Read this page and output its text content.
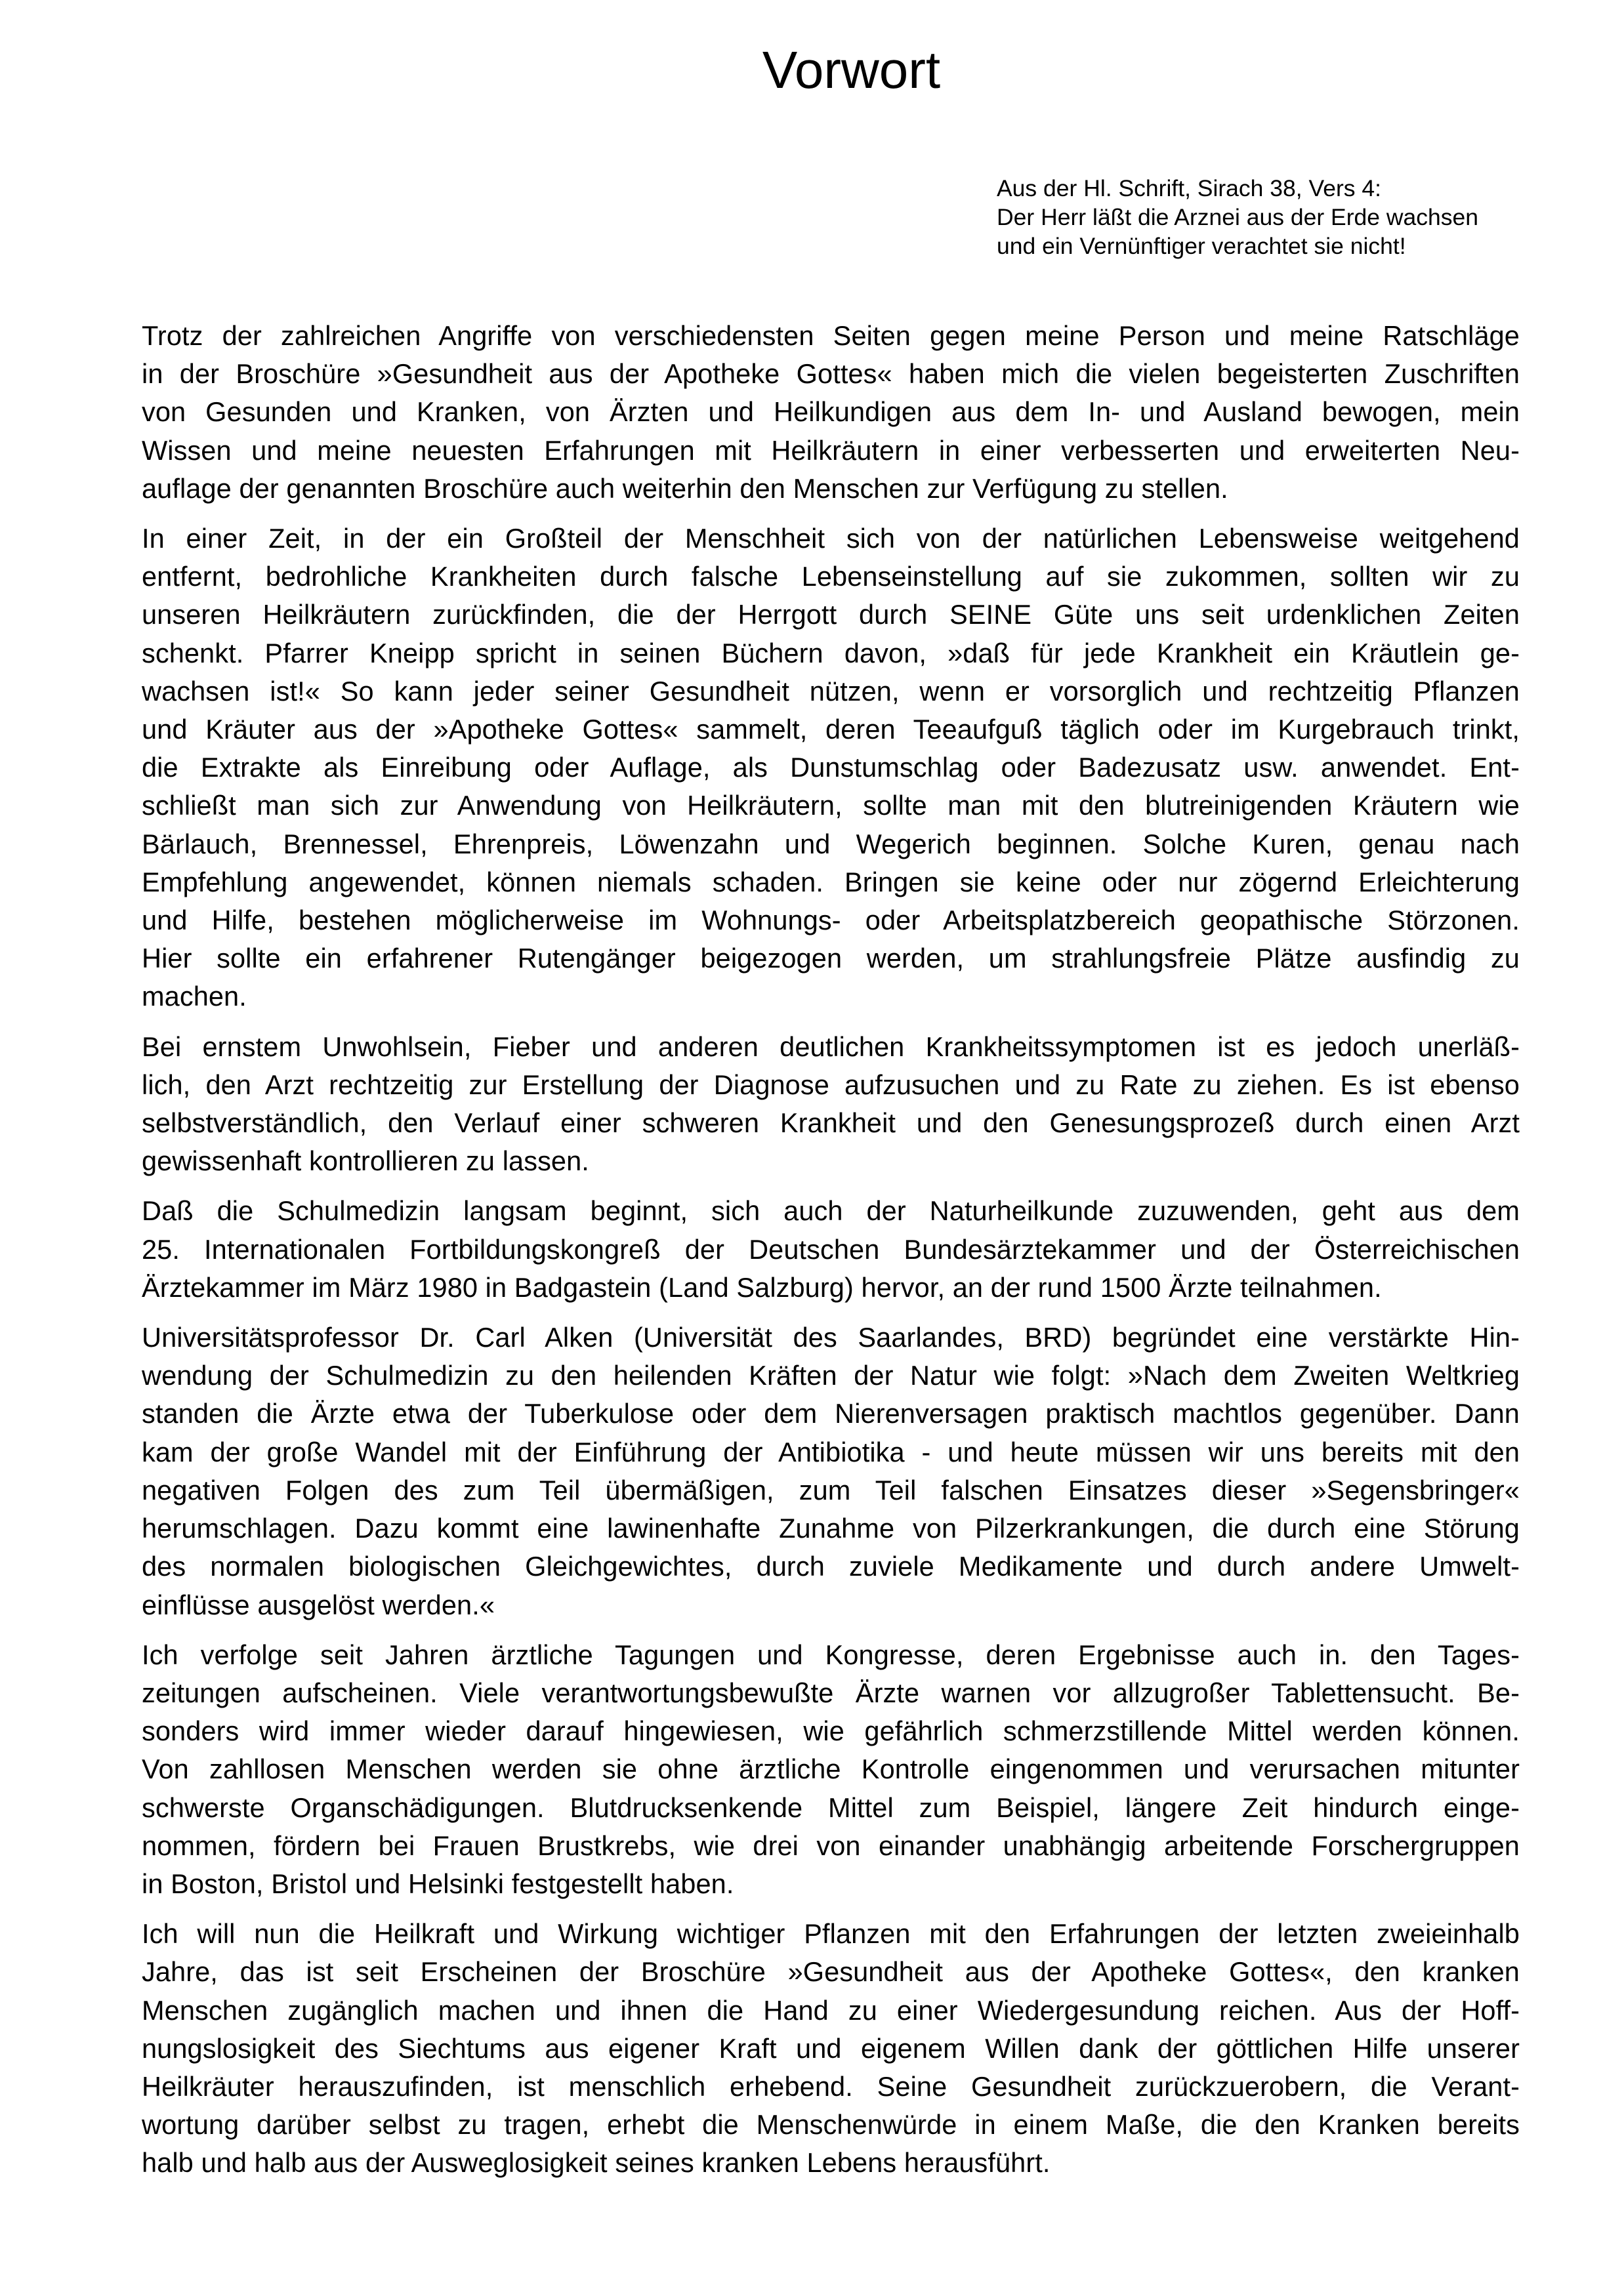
Vorwort
Aus der Hl. Schrift, Sirach 38, Vers 4:
Der Herr läßt die Arznei aus der Erde wachsen
und ein Vernünftiger verachtet sie nicht!

Trotz der zahlreichen Angriffe von verschiedensten Seiten gegen meine Person und meine Ratschläge
in der Broschüre »Gesundheit aus der Apotheke Gottes« haben mich die vielen begeisterten Zuschriften
von Gesunden und Kranken, von Ärzten und Heilkundigen aus dem In- und Ausland bewogen, mein
Wissen und meine neuesten Erfahrungen mit Heilkräutern in einer verbesserten und erweiterten Neu-
auflage der genannten Broschüre auch weiterhin den Menschen zur Verfügung zu stellen.

In einer Zeit, in der ein Großteil der Menschheit sich von der natürlichen Lebensweise weitgehend
entfernt, bedrohliche Krankheiten durch falsche Lebenseinstellung auf sie zukommen, sollten wir zu
unseren Heilkräutern zurückfinden, die der Herrgott durch SEINE Güte uns seit urdenklichen Zeiten
schenkt. Pfarrer Kneipp spricht in seinen Büchern davon, »daß für jede Krankheit ein Kräutlein ge-
wachsen ist!« So kann jeder seiner Gesundheit nützen, wenn er vorsorglich und rechtzeitig Pflanzen
und Kräuter aus der »Apotheke Gottes« sammelt, deren Teeaufguß täglich oder im Kurgebrauch trinkt,
die Extrakte als Einreibung oder Auflage, als Dunstumschlag oder Badezusatz usw. anwendet. Ent-
schließt man sich zur Anwendung von Heilkräutern, sollte man mit den blutreinigenden Kräutern wie
Bärlauch, Brennessel, Ehrenpreis, Löwenzahn und Wegerich beginnen. Solche Kuren, genau nach
Empfehlung angewendet, können niemals schaden. Bringen sie keine oder nur zögernd Erleichterung
und Hilfe, bestehen möglicherweise im Wohnungs- oder Arbeitsplatzbereich geopathische Störzonen.
Hier sollte ein erfahrener Rutengänger beigezogen werden, um strahlungsfreie Plätze ausfindig zu
machen.

Bei ernstem Unwohlsein, Fieber und anderen deutlichen Krankheitssymptomen ist es jedoch unerläß-
lich, den Arzt rechtzeitig zur Erstellung der Diagnose aufzusuchen und zu Rate zu ziehen. Es ist ebenso
selbstverständlich, den Verlauf einer schweren Krankheit und den Genesungsprozeß durch einen Arzt
gewissenhaft kontrollieren zu lassen.

Daß die Schulmedizin langsam beginnt, sich auch der Naturheilkunde zuzuwenden, geht aus dem
25. Internationalen Fortbildungskongreß der Deutschen Bundesärztekammer und der Österreichischen
Ärztekammer im März 1980 in Badgastein (Land Salzburg) hervor, an der rund 1500 Ärzte teilnahmen.

Universitätsprofessor Dr. Carl Alken (Universität des Saarlandes, BRD) begründet eine verstärkte Hin-
wendung der Schulmedizin zu den heilenden Kräften der Natur wie folgt: »Nach dem Zweiten Weltkrieg
standen die Ärzte etwa der Tuberkulose oder dem Nierenversagen praktisch machtlos gegenüber. Dann
kam der große Wandel mit der Einführung der Antibiotika - und heute müssen wir uns bereits mit den
negativen Folgen des zum Teil übermäßigen, zum Teil falschen Einsatzes dieser »Segensbringer«
herumschlagen. Dazu kommt eine lawinenhafte Zunahme von Pilzerkrankungen, die durch eine Störung
des normalen biologischen Gleichgewichtes, durch zuviele Medikamente und durch andere Umwelt-
einflüsse ausgelöst werden.«

Ich verfolge seit Jahren ärztliche Tagungen und Kongresse, deren Ergebnisse auch in. den Tages-
zeitungen aufscheinen. Viele verantwortungsbewußte Ärzte warnen vor allzugroßer Tablettensucht. Be-
sonders wird immer wieder darauf hingewiesen, wie gefährlich schmerzstillende Mittel werden können.
Von zahllosen Menschen werden sie ohne ärztliche Kontrolle eingenommen und verursachen mitunter
schwerste Organschädigungen. Blutdrucksenkende Mittel zum Beispiel, längere Zeit hindurch einge-
nommen, fördern bei Frauen Brustkrebs, wie drei von einander unabhängig arbeitende Forschergruppen
in Boston, Bristol und Helsinki festgestellt haben.

Ich will nun die Heilkraft und Wirkung wichtiger Pflanzen mit den Erfahrungen der letzten zweieinhalb
Jahre, das ist seit Erscheinen der Broschüre »Gesundheit aus der Apotheke Gottes«, den kranken
Menschen zugänglich machen und ihnen die Hand zu einer Wiedergesundung reichen. Aus der Hoff-
nungslosigkeit des Siechtums aus eigener Kraft und eigenem Willen dank der göttlichen Hilfe unserer
Heilkräuter herauszufinden, ist menschlich erhebend. Seine Gesundheit zurückzuerobern, die Verant-
wortung darüber selbst zu tragen, erhebt die Menschenwürde in einem Maße, die den Kranken bereits
halb und halb aus der Ausweglosigkeit seines kranken Lebens herausführt.
